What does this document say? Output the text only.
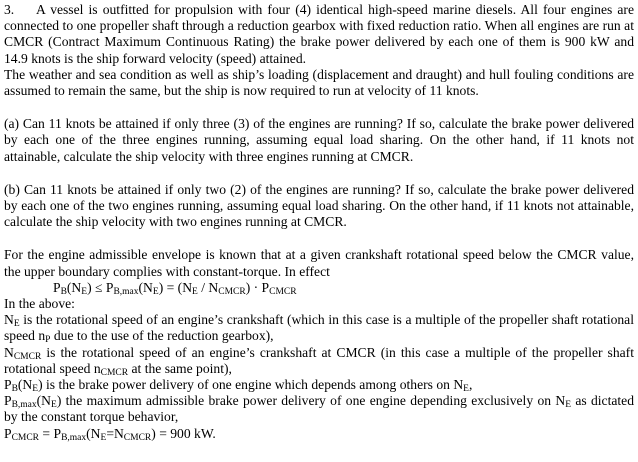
3. A vessel is outfitted for propulsion with four (4) identical high-speed marine diesels. All four engines are connected to one propeller shaft through a reduction gearbox with fixed reduction ratio. When all engines are run at CMCR (Contract Maximum Continuous Rating) the brake power delivered by each one of them is 900 kW and 14.9 knots is the ship forward velocity (speed) attained.

The weather and sea condition as well as ship’s loading (displacement and draught) and hull fouling conditions are assumed to remain the same, but the ship is now required to run at velocity of 11 knots.

(a) Can 11 knots be attained if only three (3) of the engines are running? If so, calculate the brake power delivered by each one of the three engines running, assuming equal load sharing. On the other hand, if 11 knots not attainable, calculate the ship velocity with three engines running at CMCR.

(b) Can 11 knots be attained if only two (2) of the engines are running? If so, calculate the brake power delivered by each one of the two engines running, assuming equal load sharing. On the other hand, if 11 knots not attainable, calculate the ship velocity with two engines running at CMCR.

For the engine admissible envelope is known that at a given crankshaft rotational speed below the CMCR value, the upper boundary complies with constant-torque. In effect

$P_B(N_E) \le P_{B,max}(N_E) = (N_E / N_{CMCR}) \cdot P_{CMCR}$

In the above:

$N_E$ is the rotational speed of an engine’s crankshaft (which in this case is a multiple of the propeller shaft rotational speed $n_P$ due to the use of the reduction gearbox),

$N_{CMCR}$ is the rotational speed of an engine’s crankshaft at CMCR (in this case a multiple of the propeller shaft rotational speed $n_{CMCR}$ at the same point),

$P_B(N_E)$ is the brake power delivery of one engine which depends among others on $N_E$,

$P_{B,max}(N_E)$ the maximum admissible brake power delivery of one engine depending exclusively on $N_E$ as dictated by the constant torque behavior,

$P_{CMCR} = P_{B,max}(N_E=N_{CMCR}) = 900$ kW.
